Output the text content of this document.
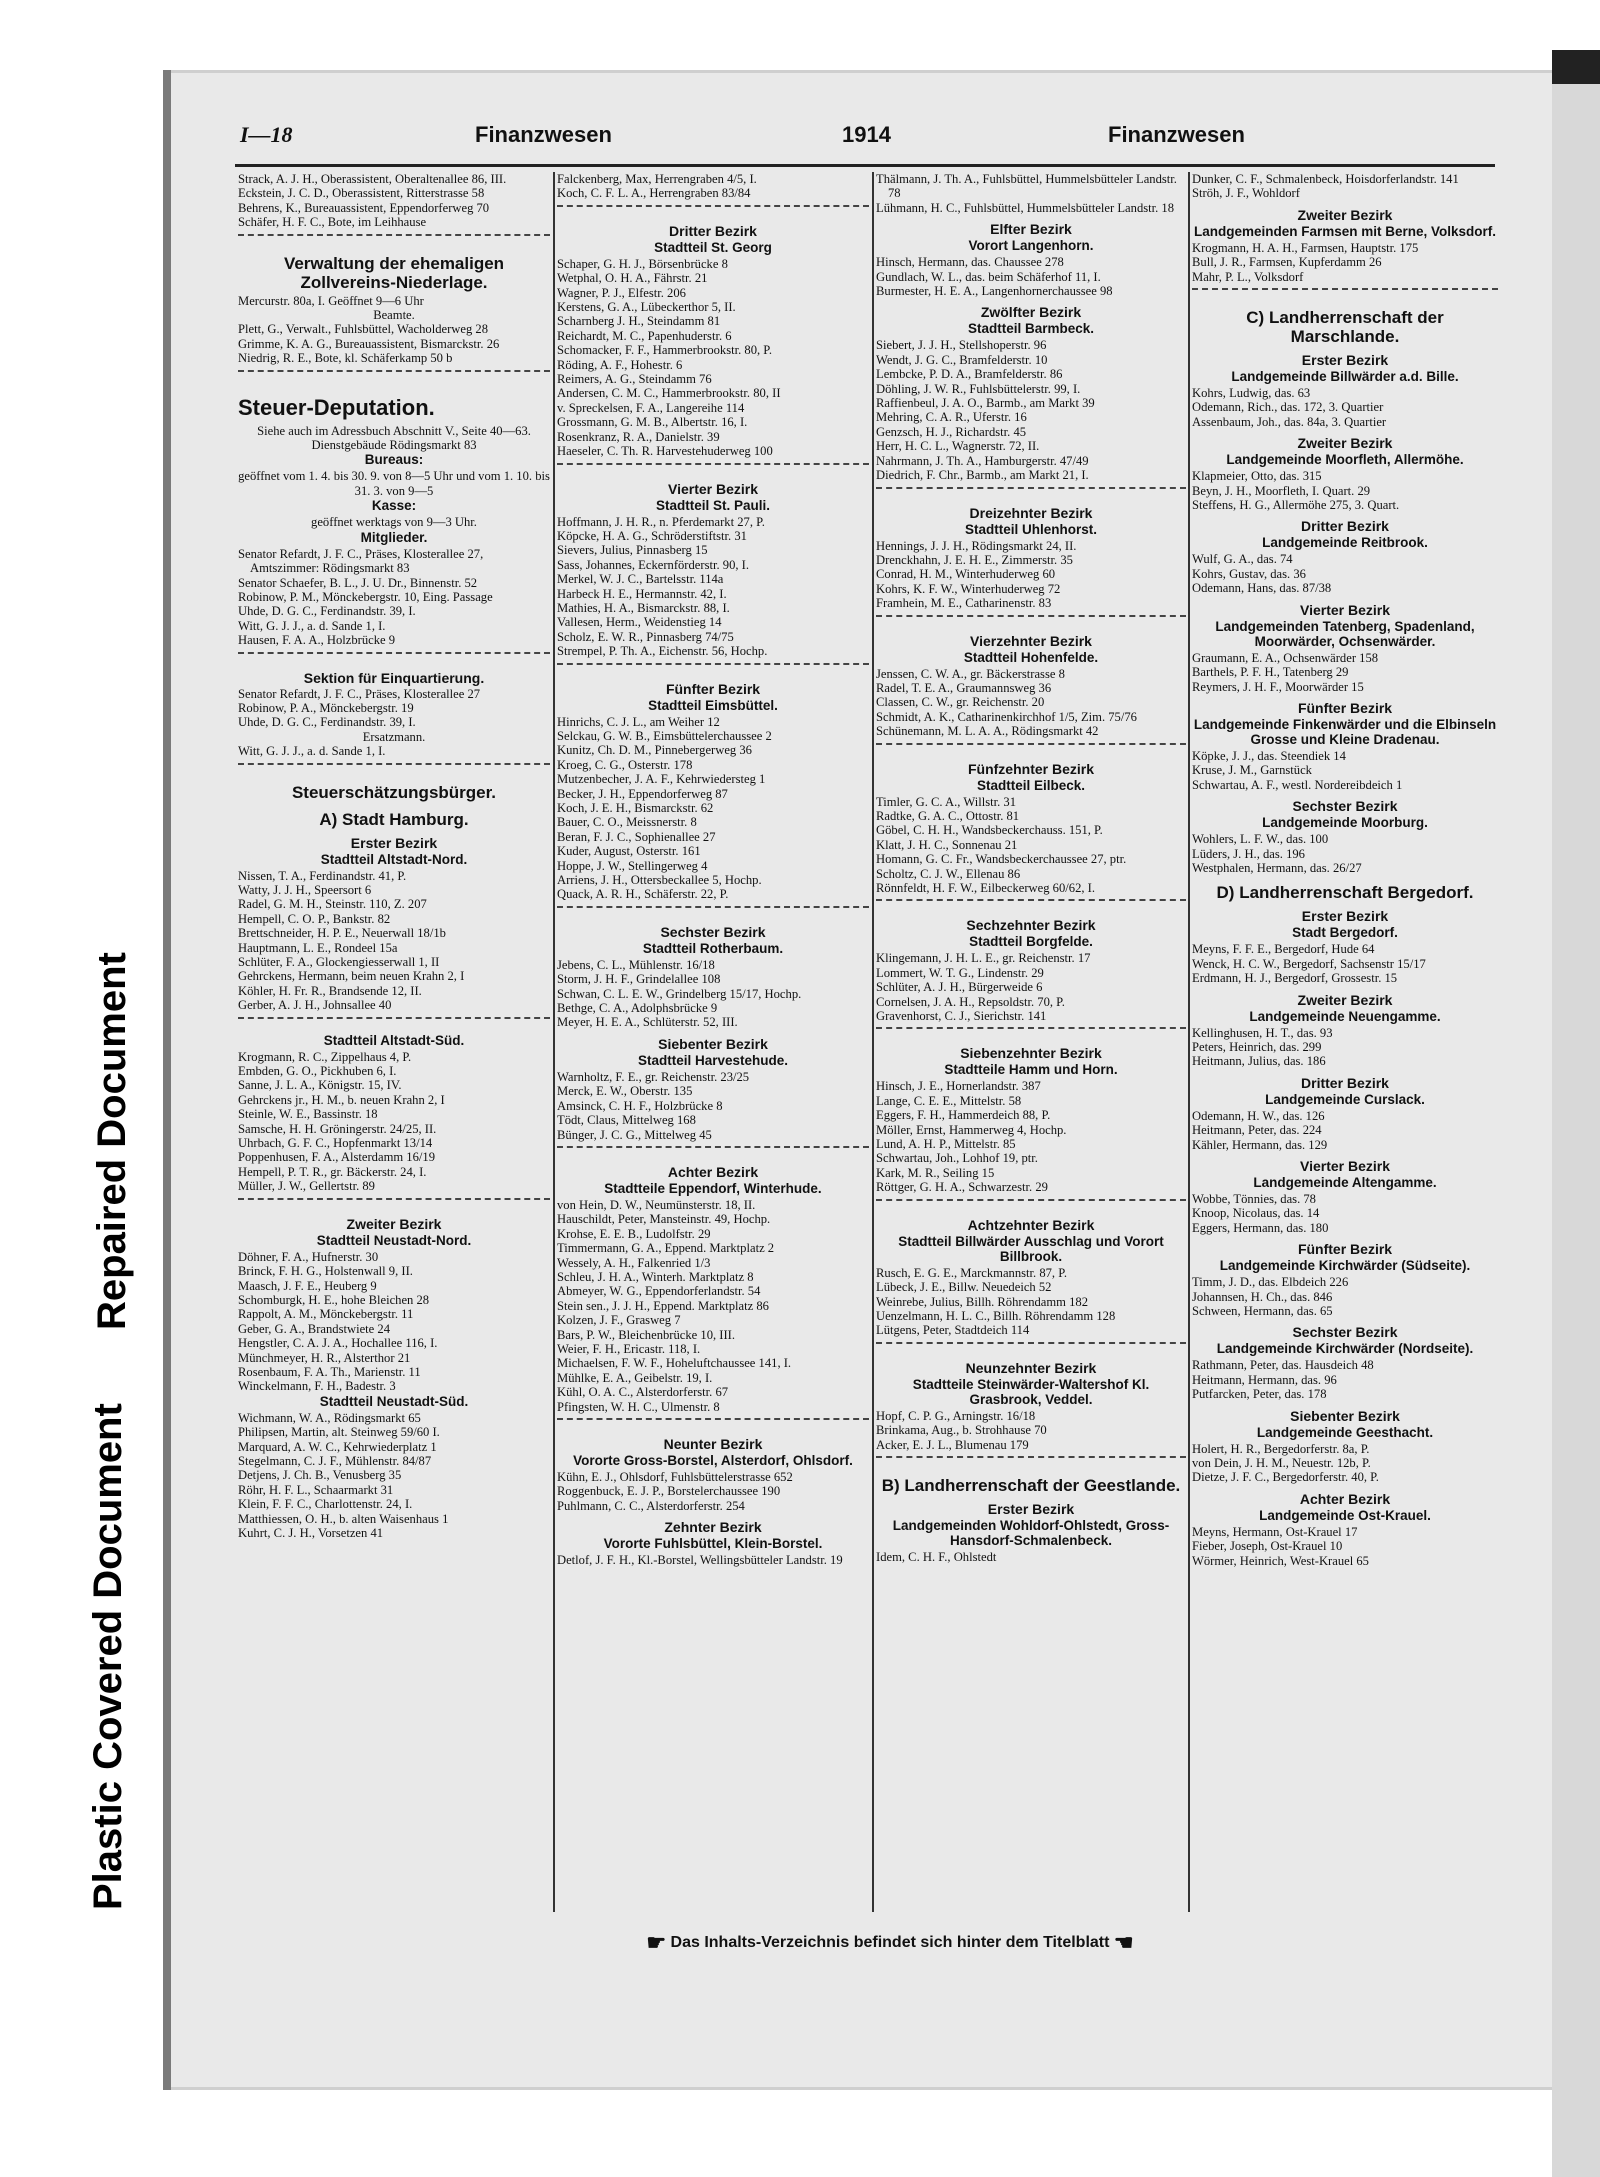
Repaired Document
Plastic Covered Document
I—18	Finanzwesen	1914	Finanzwesen

Strack, A. J. H., Oberassistent, Oberaltenallee 86, III.

Eckstein, J. C. D., Oberassistent, Ritterstrasse 58

Behrens, K., Bureauassistent, Eppendorferweg 70

Schäfer, H. F. C., Bote, im Leihhause

Verwaltung der ehemaligen Zollvereins-Niederlage.

Mercurstr. 80a, I. Geöffnet 9—6 Uhr

Beamte.

Plett, G., Verwalt., Fuhlsbüttel, Wacholderweg 28

Grimme, K. A. G., Bureauassistent, Bismarckstr. 26

Niedrig, R. E., Bote, kl. Schäferkamp 50 b

Steuer-Deputation.

Siehe auch im Adressbuch Abschnitt V., Seite 40—63.

Dienstgebäude Rödingsmarkt 83

Bureaus:

geöffnet vom 1. 4. bis 30. 9. von 8—5 Uhr und vom 1. 10. bis 31. 3. von 9—5

Kasse:

geöffnet werktags von 9—3 Uhr.

Mitglieder.

Senator Refardt, J. F. C., Präses, Klosterallee 27, Amtszimmer: Rödingsmarkt 83

Senator Schaefer, B. L., J. U. Dr., Binnenstr. 52

Robinow, P. M., Mönckebergstr. 10, Eing. Passage

Uhde, D. G. C., Ferdinandstr. 39, I.

Witt, G. J. J., a. d. Sande 1, I.

Hausen, F. A. A., Holzbrücke 9

Sektion für Einquartierung.

Senator Refardt, J. F. C., Präses, Klosterallee 27

Robinow, P. A., Mönckebergstr. 19

Uhde, D. G. C., Ferdinandstr. 39, I.

Ersatzmann.

Witt, G. J. J., a. d. Sande 1, I.

Steuerschätzungsbürger.

A) Stadt Hamburg.

Erster Bezirk

Stadtteil Altstadt-Nord.

Nissen, T. A., Ferdinandstr. 41, P.

Watty, J. J. H., Speersort 6

Radel, G. M. H., Steinstr. 110, Z. 207

Hempell, C. O. P., Bankstr. 82

Brettschneider, H. P. E., Neuerwall 18/1b

Hauptmann, L. E., Rondeel 15a

Schlüter, F. A., Glockengiesserwall 1, II

Gehrckens, Hermann, beim neuen Krahn 2, I

Köhler, H. Fr. R., Brandsende 12, II.

Gerber, A. J. H., Johnsallee 40

Stadtteil Altstadt-Süd.

Krogmann, R. C., Zippelhaus 4, P.

Embden, G. O., Pickhuben 6, I.

Sanne, J. L. A., Königstr. 15, IV.

Gehrckens jr., H. M., b. neuen Krahn 2, I

Steinle, W. E., Bassinstr. 18

Samsche, H. H. Gröningerstr. 24/25, II.

Uhrbach, G. F. C., Hopfenmarkt 13/14

Poppenhusen, F. A., Alsterdamm 16/19

Hempell, P. T. R., gr. Bäckerstr. 24, I.

Müller, J. W., Gellertstr. 89

Zweiter Bezirk

Stadtteil Neustadt-Nord.

Döhner, F. A., Hufnerstr. 30

Brinck, F. H. G., Holstenwall 9, II.

Maasch, J. F. E., Heuberg 9

Schomburgk, H. E., hohe Bleichen 28

Rappolt, A. M., Mönckebergstr. 11

Geber, G. A., Brandstwiete 24

Hengstler, C. A. J. A., Hochallee 116, I.

Münchmeyer, H. R., Alsterthor 21

Rosenbaum, F. A. Th., Marienstr. 11

Winckelmann, F. H., Badestr. 3

Stadtteil Neustadt-Süd.

Wichmann, W. A., Rödingsmarkt 65

Philipsen, Martin, alt. Steinweg 59/60 I.

Marquard, A. W. C., Kehrwiederplatz 1

Stegelmann, C. J. F., Mühlenstr. 84/87

Detjens, J. Ch. B., Venusberg 35

Röhr, H. F. L., Schaarmarkt 31

Klein, F. F. C., Charlottenstr. 24, I.

Matthiessen, O. H., b. alten Waisenhaus 1

Kuhrt, C. J. H., Vorsetzen 41

Falckenberg, Max, Herrengraben 4/5, I.

Koch, C. F. L. A., Herrengraben 83/84

Dritter Bezirk

Stadtteil St. Georg

Schaper, G. H. J., Börsenbrücke 8

Wetphal, O. H. A., Fährstr. 21

Wagner, P. J., Elfestr. 206

Kerstens, G. A., Lübeckerthor 5, II.

Scharnberg J. H., Steindamm 81

Reichardt, M. C., Papenhuderstr. 6

Schomacker, F. F., Hammerbrookstr. 80, P.

Röding, A. F., Hohestr. 6

Reimers, A. G., Steindamm 76

Andersen, C. M. C., Hammerbrookstr. 80, II

v. Spreckelsen, F. A., Langereihe 114

Grossmann, G. M. B., Albertstr. 16, I.

Rosenkranz, R. A., Danielstr. 39

Haeseler, C. Th. R. Harvestehuderweg 100

Vierter Bezirk

Stadtteil St. Pauli.

Hoffmann, J. H. R., n. Pferdemarkt 27, P.

Köpcke, H. A. G., Schröderstiftstr. 31

Sievers, Julius, Pinnasberg 15

Sass, Johannes, Eckernförderstr. 90, I.

Merkel, W. J. C., Bartelsstr. 114a

Harbeck H. E., Hermannstr. 42, I.

Mathies, H. A., Bismarckstr. 88, I.

Vallesen, Herm., Weidenstieg 14

Scholz, E. W. R., Pinnasberg 74/75

Strempel, P. Th. A., Eichenstr. 56, Hochp.

Fünfter Bezirk

Stadtteil Eimsbüttel.

Hinrichs, C. J. L., am Weiher 12

Selckau, G. W. B., Eimsbüttelerchaussee 2

Kunitz, Ch. D. M., Pinnebergerweg 36

Kroeg, C. G., Osterstr. 178

Mutzenbecher, J. A. F., Kehrwiedersteg 1

Becker, J. H., Eppendorferweg 87

Koch, J. E. H., Bismarckstr. 62

Bauer, C. O., Meissnerstr. 8

Beran, F. J. C., Sophienallee 27

Kuder, August, Osterstr. 161

Hoppe, J. W., Stellingerweg 4

Arriens, J. H., Ottersbeckallee 5, Hochp.

Quack, A. R. H., Schäferstr. 22, P.

Sechster Bezirk

Stadtteil Rotherbaum.

Jebens, C. L., Mühlenstr. 16/18

Storm, J. H. F., Grindelallee 108

Schwan, C. L. E. W., Grindelberg 15/17, Hochp.

Bethge, C. A., Adolphsbrücke 9

Meyer, H. E. A., Schlüterstr. 52, III.

Siebenter Bezirk

Stadtteil Harvestehude.

Warnholtz, F. E., gr. Reichenstr. 23/25

Merck, E. W., Oberstr. 135

Amsinck, C. H. F., Holzbrücke 8

Tödt, Claus, Mittelweg 168

Bünger, J. C. G., Mittelweg 45

Achter Bezirk

Stadtteile Eppendorf, Winterhude.

von Hein, D. W., Neumünsterstr. 18, II.

Hauschildt, Peter, Mansteinstr. 49, Hochp.

Krohse, E. E. B., Ludolfstr. 29

Timmermann, G. A., Eppend. Marktplatz 2

Wessely, A. H., Falkenried 1/3

Schleu, J. H. A., Winterh. Marktplatz 8

Abmeyer, W. G., Eppendorferlandstr. 54

Stein sen., J. J. H., Eppend. Marktplatz 86

Kolzen, J. F., Grasweg 7

Bars, P. W., Bleichenbrücke 10, III.

Weier, F. H., Ericastr. 118, I.

Michaelsen, F. W. F., Hoheluftchaussee 141, I.

Mühlke, E. A., Geibelstr. 19, I.

Kühl, O. A. C., Alsterdorferstr. 67

Pfingsten, W. H. C., Ulmenstr. 8

Neunter Bezirk

Vororte Gross-Borstel, Alsterdorf, Ohlsdorf.

Kühn, E. J., Ohlsdorf, Fuhlsbüttelerstrasse 652

Roggenbuck, E. J. P., Borstelerchaussee 190

Puhlmann, C. C., Alsterdorferstr. 254

Zehnter Bezirk

Vororte Fuhlsbüttel, Klein-Borstel.

Detlof, J. F. H., Kl.-Borstel, Wellingsbütteler Landstr. 19

Thälmann, J. Th. A., Fuhlsbüttel, Hummelsbütteler Landstr. 78

Lühmann, H. C., Fuhlsbüttel, Hummelsbütteler Landstr. 18

Elfter Bezirk

Vorort Langenhorn.

Hinsch, Hermann, das. Chaussee 278

Gundlach, W. L., das. beim Schäferhof 11, I.

Burmester, H. E. A., Langenhornerchaussee 98

Zwölfter Bezirk

Stadtteil Barmbeck.

Siebert, J. J. H., Stellshoperstr. 96

Wendt, J. G. C., Bramfelderstr. 10

Lembcke, P. D. A., Bramfelderstr. 86

Döhling, J. W. R., Fuhlsbüttelerstr. 99, I.

Raffienbeul, J. A. O., Barmb., am Markt 39

Mehring, C. A. R., Uferstr. 16

Genzsch, H. J., Richardstr. 45

Herr, H. C. L., Wagnerstr. 72, II.

Nahrmann, J. Th. A., Hamburgerstr. 47/49

Diedrich, F. Chr., Barmb., am Markt 21, I.

Dreizehnter Bezirk

Stadtteil Uhlenhorst.

Hennings, J. J. H., Rödingsmarkt 24, II.

Drenckhahn, J. E. H. E., Zimmerstr. 35

Conrad, H. M., Winterhuderweg 60

Kohrs, K. F. W., Winterhuderweg 72

Framhein, M. E., Catharinenstr. 83

Vierzehnter Bezirk

Stadtteil Hohenfelde.

Jenssen, C. W. A., gr. Bäckerstrasse 8

Radel, T. E. A., Graumannsweg 36

Classen, C. W., gr. Reichenstr. 20

Schmidt, A. K., Catharinenkirchhof 1/5, Zim. 75/76

Schünemann, M. L. A. A., Rödingsmarkt 42

Fünfzehnter Bezirk

Stadtteil Eilbeck.

Timler, G. C. A., Willstr. 31

Radtke, G. A. C., Ottostr. 81

Göbel, C. H. H., Wandsbeckerchauss. 151, P.

Klatt, J. H. C., Sonnenau 21

Homann, G. C. Fr., Wandsbeckerchaussee 27, ptr.

Scholtz, C. J. W., Ellenau 86

Rönnfeldt, H. F. W., Eilbeckerweg 60/62, I.

Sechzehnter Bezirk

Stadtteil Borgfelde.

Klingemann, J. H. L. E., gr. Reichenstr. 17

Lommert, W. T. G., Lindenstr. 29

Schlüter, A. J. H., Bürgerweide 6

Cornelsen, J. A. H., Repsoldstr. 70, P.

Gravenhorst, C. J., Sierichstr. 141

Siebenzehnter Bezirk

Stadtteile Hamm und Horn.

Hinsch, J. E., Hornerlandstr. 387

Lange, C. E. E., Mittelstr. 58

Eggers, F. H., Hammerdeich 88, P.

Möller, Ernst, Hammerweg 4, Hochp.

Lund, A. H. P., Mittelstr. 85

Schwartau, Joh., Lohhof 19, ptr.

Kark, M. R., Seiling 15

Röttger, G. H. A., Schwarzestr. 29

Achtzehnter Bezirk

Stadtteil Billwärder Ausschlag und Vorort Billbrook.

Rusch, E. G. E., Marckmannstr. 87, P.

Lübeck, J. E., Billw. Neuedeich 52

Weinrebe, Julius, Billh. Röhrendamm 182

Uenzelmann, H. L. C., Billh. Röhrendamm 128

Lütgens, Peter, Stadtdeich 114

Neunzehnter Bezirk

Stadtteile Steinwärder-Waltershof Kl. Grasbrook, Veddel.

Hopf, C. P. G., Arningstr. 16/18

Brinkama, Aug., b. Strohhause 70

Acker, E. J. L., Blumenau 179

B) Landherrenschaft der Geestlande.

Erster Bezirk

Landgemeinden Wohldorf-Ohlstedt, Gross-Hansdorf-Schmalenbeck.

Idem, C. H. F., Ohlstedt

Dunker, C. F., Schmalenbeck, Hoisdorferlandstr. 141

Ströh, J. F., Wohldorf

Zweiter Bezirk

Landgemeinden Farmsen mit Berne, Volksdorf.

Krogmann, H. A. H., Farmsen, Hauptstr. 175

Bull, J. R., Farmsen, Kupferdamm 26

Mahr, P. L., Volksdorf

C) Landherrenschaft der Marschlande.

Erster Bezirk

Landgemeinde Billwärder a.d. Bille.

Kohrs, Ludwig, das. 63

Odemann, Rich., das. 172, 3. Quartier

Assenbaum, Joh., das. 84a, 3. Quartier

Zweiter Bezirk

Landgemeinde Moorfleth, Allermöhe.

Klapmeier, Otto, das. 315

Beyn, J. H., Moorfleth, I. Quart. 29

Steffens, H. G., Allermöhe 275, 3. Quart.

Dritter Bezirk

Landgemeinde Reitbrook.

Wulf, G. A., das. 74

Kohrs, Gustav, das. 36

Odemann, Hans, das. 87/38

Vierter Bezirk

Landgemeinden Tatenberg, Spadenland, Moorwärder, Ochsenwärder.

Graumann, E. A., Ochsenwärder 158

Barthels, P. F. H., Tatenberg 29

Reymers, J. H. F., Moorwärder 15

Fünfter Bezirk

Landgemeinde Finkenwärder und die Elbinseln Grosse und Kleine Dradenau.

Köpke, J. J., das. Steendiek 14

Kruse, J. M., Garnstück

Schwartau, A. F., westl. Nordereibdeich 1

Sechster Bezirk

Landgemeinde Moorburg.

Wohlers, L. F. W., das. 100

Lüders, J. H., das. 196

Westphalen, Hermann, das. 26/27

D) Landherrenschaft Bergedorf.

Erster Bezirk

Stadt Bergedorf.

Meyns, F. F. E., Bergedorf, Hude 64

Wenck, H. C. W., Bergedorf, Sachsenstr 15/17

Erdmann, H. J., Bergedorf, Grossestr. 15

Zweiter Bezirk

Landgemeinde Neuengamme.

Kellinghusen, H. T., das. 93

Peters, Heinrich, das. 299

Heitmann, Julius, das. 186

Dritter Bezirk

Landgemeinde Curslack.

Odemann, H. W., das. 126

Heitmann, Peter, das. 224

Kähler, Hermann, das. 129

Vierter Bezirk

Landgemeinde Altengamme.

Wobbe, Tönnies, das. 78

Knoop, Nicolaus, das. 14

Eggers, Hermann, das. 180

Fünfter Bezirk

Landgemeinde Kirchwärder (Südseite).

Timm, J. D., das. Elbdeich 226

Johannsen, H. Ch., das. 846

Schween, Hermann, das. 65

Sechster Bezirk

Landgemeinde Kirchwärder (Nordseite).

Rathmann, Peter, das. Hausdeich 48

Heitmann, Hermann, das. 96

Putfarcken, Peter, das. 178

Siebenter Bezirk

Landgemeinde Geesthacht.

Holert, H. R., Bergedorferstr. 8a, P.

von Dein, J. H. M., Neuestr. 12b, P.

Dietze, J. F. C., Bergedorferstr. 40, P.

Achter Bezirk

Landgemeinde Ost-Krauel.

Meyns, Hermann, Ost-Krauel 17

Fieber, Joseph, Ost-Krauel 10

Wörmer, Heinrich, West-Krauel 65

☛ Das Inhalts-Verzeichnis befindet sich hinter dem Titelblatt ☚
